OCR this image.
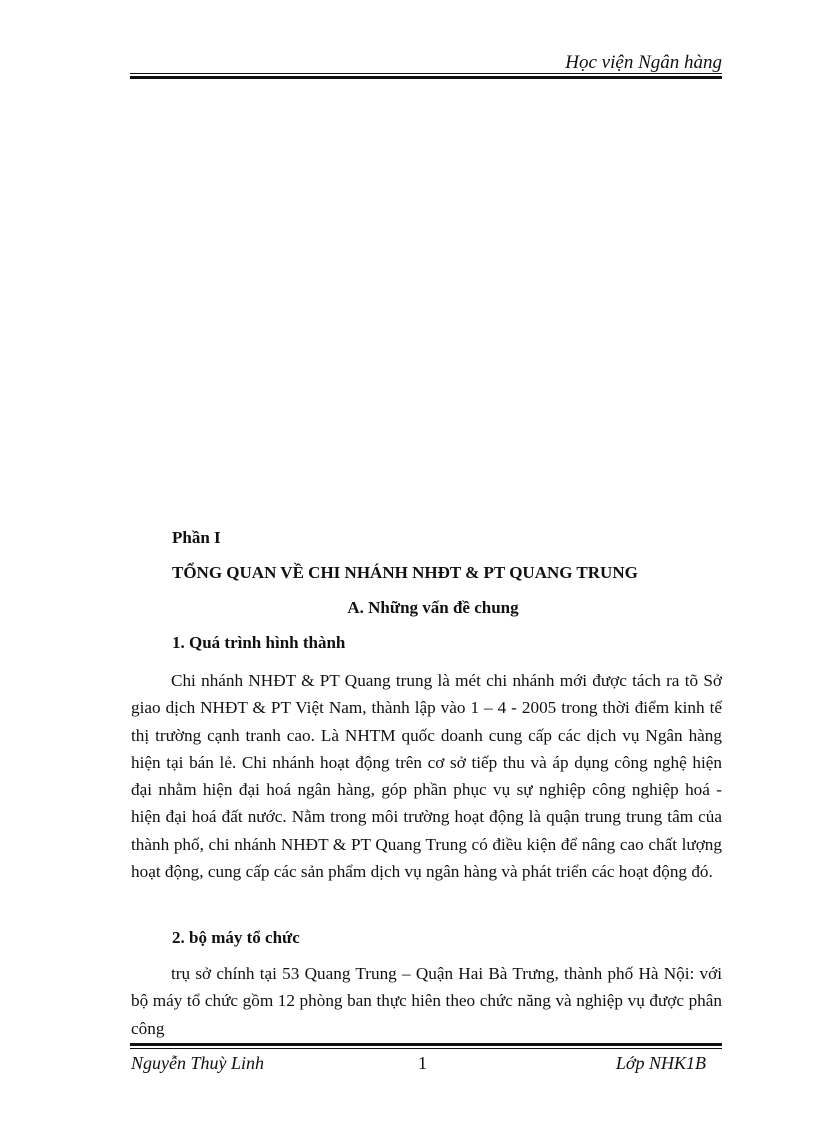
Học viện Ngân hàng
Phần I
TỔNG QUAN VỀ CHI NHÁNH NHĐT & PT QUANG TRUNG
A. Những vấn đề chung
1. Quá trình hình thành

Chi nhánh NHĐT & PT Quang trung là mét chi nhánh mới được tách ra tõ Sở giao dịch NHĐT & PT Việt Nam, thành lập vào 1 – 4 - 2005 trong thời điểm kinh tế thị trường cạnh tranh cao. Là NHTM quốc doanh cung cấp các dịch vụ Ngân hàng hiện tại bán lẻ. Chi nhánh hoạt động trên cơ sở tiếp thu và áp dụng công nghệ hiện đại nhằm hiện đại hoá ngân hàng, góp phần phục vụ sự nghiệp công nghiệp hoá - hiện đại hoá đất nước. Nằm trong môi trường hoạt động là quận trung trung tâm của thành phố, chi nhánh NHĐT & PT Quang Trung có điều kiện để nâng cao chất lượng hoạt động, cung cấp các sản phẩm dịch vụ ngân hàng và phát triển các hoạt động đó.

2. bộ máy tổ chức

trụ sở chính tại 53 Quang Trung – Quận Hai Bà Trưng, thành phố Hà Nội: với bộ máy tổ chức gồm 12 phòng ban thực hiên theo chức năng và nghiệp vụ được phân công

Nguyễn Thuỳ Linh	1	Lớp NHK1B
